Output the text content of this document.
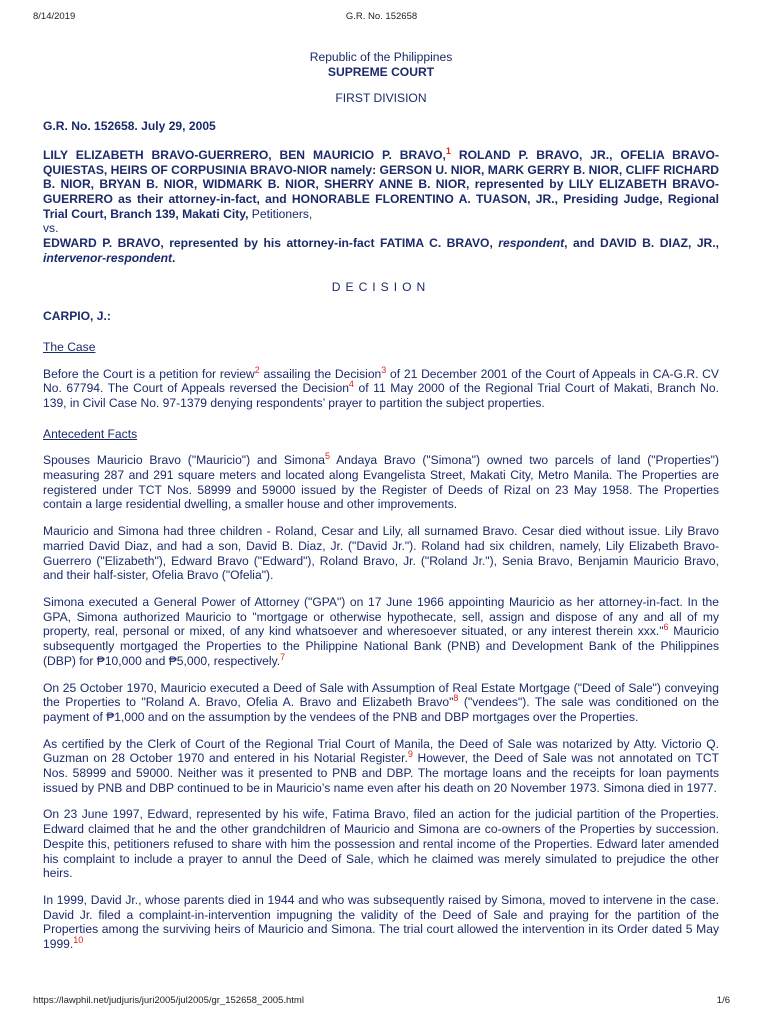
8/14/2019	G.R. No. 152658

Republic of the Philippines

SUPREME COURT

FIRST DIVISION

G.R. No. 152658. July 29, 2005

LILY ELIZABETH BRAVO-GUERRERO, BEN MAURICIO P. BRAVO,$^1$ ROLAND P. BRAVO, JR., OFELIA BRAVO-QUIESTAS, HEIRS OF CORPUSINIA BRAVO-NIOR namely: GERSON U. NIOR, MARK GERRY B. NIOR, CLIFF RICHARD B. NIOR, BRYAN B. NIOR, WIDMARK B. NIOR, SHERRY ANNE B. NIOR, represented by LILY ELIZABETH BRAVO-GUERRERO as their attorney-in-fact, and HONORABLE FLORENTINO A. TUASON, JR., Presiding Judge, Regional Trial Court, Branch 139, Makati City, Petitioners,

vs.

EDWARD P. BRAVO, represented by his attorney-in-fact FATIMA C. BRAVO, respondent, and DAVID B. DIAZ, JR., intervenor-respondent.

DECISION

CARPIO, J.:

The Case

Before the Court is a petition for review$^2$ assailing the Decision$^3$ of 21 December 2001 of the Court of Appeals in CA-G.R. CV No. 67794. The Court of Appeals reversed the Decision$^4$ of 11 May 2000 of the Regional Trial Court of Makati, Branch No. 139, in Civil Case No. 97-1379 denying respondents’ prayer to partition the subject properties.

Antecedent Facts

Spouses Mauricio Bravo ("Mauricio") and Simona$^5$ Andaya Bravo ("Simona") owned two parcels of land ("Properties") measuring 287 and 291 square meters and located along Evangelista Street, Makati City, Metro Manila. The Properties are registered under TCT Nos. 58999 and 59000 issued by the Register of Deeds of Rizal on 23 May 1958. The Properties contain a large residential dwelling, a smaller house and other improvements.

Mauricio and Simona had three children - Roland, Cesar and Lily, all surnamed Bravo. Cesar died without issue. Lily Bravo married David Diaz, and had a son, David B. Diaz, Jr. ("David Jr."). Roland had six children, namely, Lily Elizabeth Bravo-Guerrero ("Elizabeth"), Edward Bravo ("Edward"), Roland Bravo, Jr. ("Roland Jr."), Senia Bravo, Benjamin Mauricio Bravo, and their half-sister, Ofelia Bravo ("Ofelia").

Simona executed a General Power of Attorney ("GPA") on 17 June 1966 appointing Mauricio as her attorney-in-fact. In the GPA, Simona authorized Mauricio to "mortgage or otherwise hypothecate, sell, assign and dispose of any and all of my property, real, personal or mixed, of any kind whatsoever and wheresoever situated, or any interest therein xxx."$^6$ Mauricio subsequently mortgaged the Properties to the Philippine National Bank (PNB) and Development Bank of the Philippines (DBP) for ₱10,000 and ₱5,000, respectively.$^7$

On 25 October 1970, Mauricio executed a Deed of Sale with Assumption of Real Estate Mortgage ("Deed of Sale") conveying the Properties to "Roland A. Bravo, Ofelia A. Bravo and Elizabeth Bravo"$^8$ ("vendees"). The sale was conditioned on the payment of ₱1,000 and on the assumption by the vendees of the PNB and DBP mortgages over the Properties.

As certified by the Clerk of Court of the Regional Trial Court of Manila, the Deed of Sale was notarized by Atty. Victorio Q. Guzman on 28 October 1970 and entered in his Notarial Register.$^9$ However, the Deed of Sale was not annotated on TCT Nos. 58999 and 59000. Neither was it presented to PNB and DBP. The mortage loans and the receipts for loan payments issued by PNB and DBP continued to be in Mauricio’s name even after his death on 20 November 1973. Simona died in 1977.

On 23 June 1997, Edward, represented by his wife, Fatima Bravo, filed an action for the judicial partition of the Properties. Edward claimed that he and the other grandchildren of Mauricio and Simona are co-owners of the Properties by succession. Despite this, petitioners refused to share with him the possession and rental income of the Properties. Edward later amended his complaint to include a prayer to annul the Deed of Sale, which he claimed was merely simulated to prejudice the other heirs.

In 1999, David Jr., whose parents died in 1944 and who was subsequently raised by Simona, moved to intervene in the case. David Jr. filed a complaint-in-intervention impugning the validity of the Deed of Sale and praying for the partition of the Properties among the surviving heirs of Mauricio and Simona. The trial court allowed the intervention in its Order dated 5 May 1999.10

https://lawphil.net/judjuris/juri2005/jul2005/gr_152658_2005.html	1/6
